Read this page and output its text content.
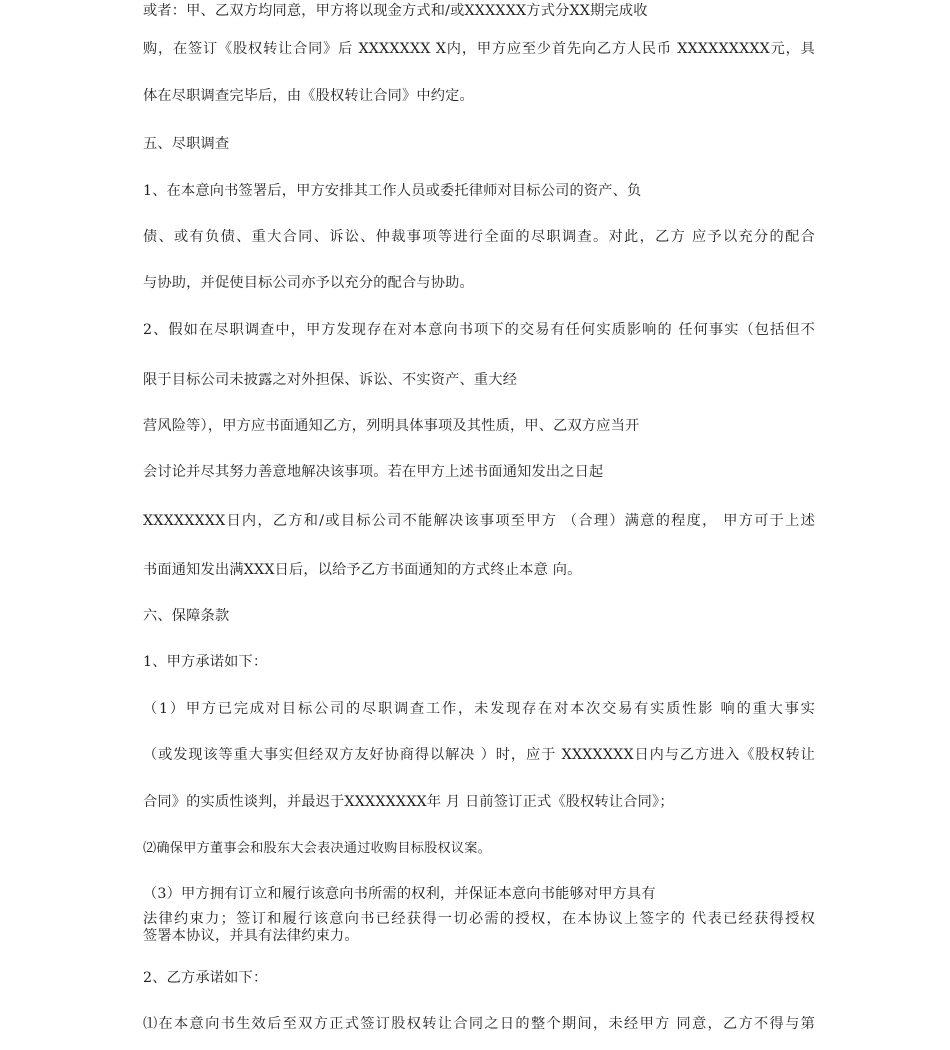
或者：甲、乙双方均同意，甲方将以现金方式和/或XXXXXX方式分XX期完成收
购，在签订《股权转让合同》后 XXXXXXX X内，甲方应至少首先向乙方人民币 XXXXXXXXX元，具
体在尽职调查完毕后，由《股权转让合同》中约定。
五、尽职调查
1、在本意向书签署后，甲方安排其工作人员或委托律师对目标公司的资产、负
债、或有负债、重大合同、诉讼、仲裁事项等进行全面的尽职调查。对此，乙方 应予以充分的配合
与协助，并促使目标公司亦予以充分的配合与协助。
2、假如在尽职调查中，甲方发现存在对本意向书项下的交易有任何实质影响的 任何事实（包括但不
限于目标公司未披露之对外担保、诉讼、不实资产、重大经
营风险等），甲方应书面通知乙方，列明具体事项及其性质，甲、乙双方应当开
会讨论并尽其努力善意地解决该事项。若在甲方上述书面通知发出之日起
XXXXXXXX日内，乙方和/或目标公司不能解决该事项至甲方 （合理）满意的程度， 甲方可于上述
书面通知发出满XXX日后，以给予乙方书面通知的方式终止本意 向。
六、保障条款
1、甲方承诺如下：
（1）甲方已完成对目标公司的尽职调查工作，未发现存在对本次交易有实质性影 响的重大事实
（或发现该等重大事实但经双方友好协商得以解决 ）时，应于 XXXXXXX日内与乙方进入《股权转让
合同》的实质性谈判，并最迟于XXXXXXXX年 月 日前签订正式《股权转让合同》；
⑵确保甲方董事会和股东大会表决通过收购目标股权议案。
（3）甲方拥有订立和履行该意向书所需的权利，并保证本意向书能够对甲方具有
法律约束力；签订和履行该意向书已经获得一切必需的授权，在本协议上签字的 代表已经获得授权
签署本协议，并具有法律约束力。
2、乙方承诺如下：
⑴在本意向书生效后至双方正式签订股权转让合同之日的整个期间，未经甲方 同意，乙方不得与第
